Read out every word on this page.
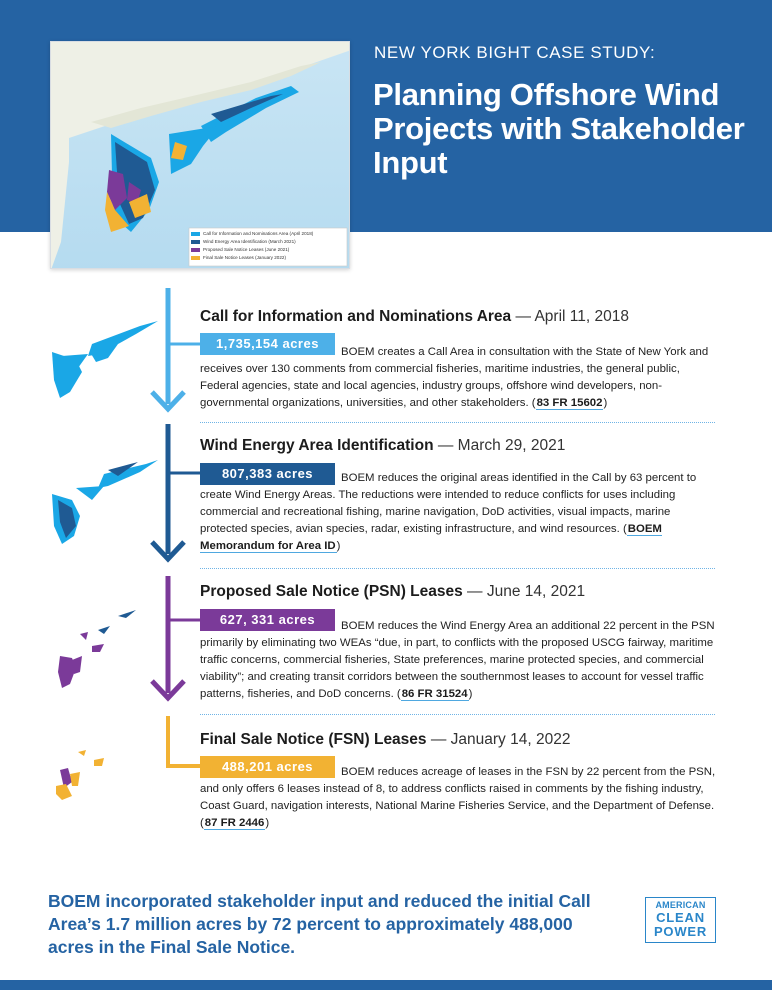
Call for Information and Nominations Area (April 2018)
Wind Energy Area Identification (March 2021)
Proposed Sale Notice Leases (June 2021)
Final Sale Notice Leases (January 2022)
NEW YORK BIGHT CASE STUDY:
Planning Offshore Wind Projects with Stakeholder Input
Call for Information and Nominations Area — April 11, 2018
1,735,154 acres
BOEM creates a Call Area in consultation with the State of New York and receives over 130 comments from commercial fisheries, maritime industries, the general public, Federal agencies, state and local agencies, industry groups, offshore wind developers, non-governmental organizations, universities, and other stakeholders. (83 FR 15602)
Wind Energy Area Identification — March 29, 2021
807,383 acres	BOEM reduces the original areas identified in the Call by 63 percent to create Wind Energy Areas. The reductions were intended to reduce conflicts for uses including commercial and recreational fishing, marine navigation, DoD activities, visual impacts, marine protected species, avian species, radar, existing infrastructure, and wind resources. (BOEM Memorandum for Area ID)
Proposed Sale Notice (PSN) Leases — June 14, 2021
627, 331 acres	BOEM reduces the Wind Energy Area an additional 22 percent in the PSN primarily by eliminating two WEAs “due, in part, to conflicts with the proposed USCG fairway, maritime traffic concerns, commercial fisheries, State preferences, marine protected species, and commercial viability”; and creating transit corridors between the southernmost leases to account for vessel traffic patterns, fisheries, and DoD concerns. (86 FR 31524)
Final Sale Notice (FSN) Leases — January 14, 2022
488,201 acres	BOEM reduces acreage of leases in the FSN by 22 percent from the PSN, and only offers 6 leases instead of 8, to address conflicts raised in comments by the fishing industry, Coast Guard, navigation interests, National Marine Fisheries Service, and the Department of Defense. (87 FR 2446)
BOEM incorporated stakeholder input and reduced the initial Call Area’s 1.7 million acres by 72 percent to approximately 488,000 acres in the Final Sale Notice.
AMERICAN
CLEAN
POWER
